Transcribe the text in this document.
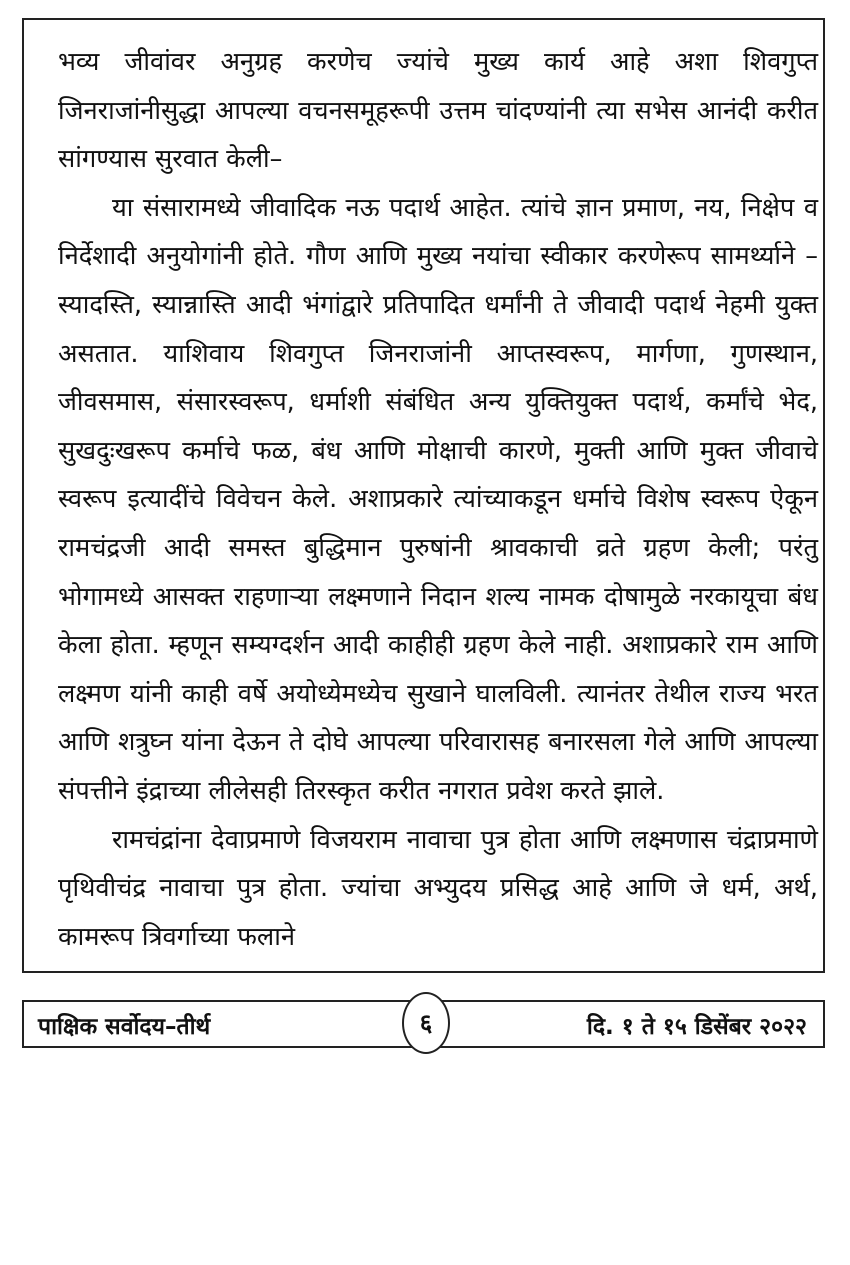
भव्य जीवांवर अनुग्रह करणेच ज्यांचे मुख्य कार्य आहे अशा शिवगुप्त जिनराजांनीसुद्धा आपल्या वचनसमूहरूपी उत्तम चांदण्यांनी त्या सभेस आनंदी करीत सांगण्यास सुरवात केली–

या संसारामध्ये जीवादिक नऊ पदार्थ आहेत. त्यांचे ज्ञान प्रमाण, नय, निक्षेप व निर्देशादी अनुयोगांनी होते. गौण आणि मुख्य नयांचा स्वीकार करणेरूप सामर्थ्याने – स्यादस्ति, स्यान्नास्ति आदी भंगांद्वारे प्रतिपादित धर्मांनी ते जीवादी पदार्थ नेहमी युक्त असतात. याशिवाय शिवगुप्त जिनराजांनी आप्तस्वरूप, मार्गणा, गुणस्थान, जीवसमास, संसारस्वरूप, धर्माशी संबंधित अन्य युक्तियुक्त पदार्थ, कर्मांचे भेद, सुखदुःखरूप कर्माचे फळ, बंध आणि मोक्षाची कारणे, मुक्ती आणि मुक्त जीवाचे स्वरूप इत्यादींचे विवेचन केले. अशाप्रकारे त्यांच्याकडून धर्माचे विशेष स्वरूप ऐकून रामचंद्रजी आदी समस्त बुद्धिमान पुरुषांनी श्रावकाची व्रते ग्रहण केली; परंतु भोगामध्ये आसक्त राहणाऱ्या लक्ष्मणाने निदान शल्य नामक दोषामुळे नरकायूचा बंध केला होता. म्हणून सम्यग्दर्शन आदी काहीही ग्रहण केले नाही. अशाप्रकारे राम आणि लक्ष्मण यांनी काही वर्षे अयोध्येमध्येच सुखाने घालविली. त्यानंतर तेथील राज्य भरत आणि शत्रुघ्न यांना देऊन ते दोघे आपल्या परिवारासह बनारसला गेले आणि आपल्या संपत्तीने इंद्राच्या लीलेसही तिरस्कृत करीत नगरात प्रवेश करते झाले.

रामचंद्रांना देवाप्रमाणे विजयराम नावाचा पुत्र होता आणि लक्ष्मणास चंद्राप्रमाणे पृथिवीचंद्र नावाचा पुत्र होता. ज्यांचा अभ्युदय प्रसिद्ध आहे आणि जे धर्म, अर्थ, कामरूप त्रिवर्गाच्या फलाने

पाक्षिक सर्वोदय–तीर्थ	दि. १ ते १५ डिसेंबर २०२२
६
